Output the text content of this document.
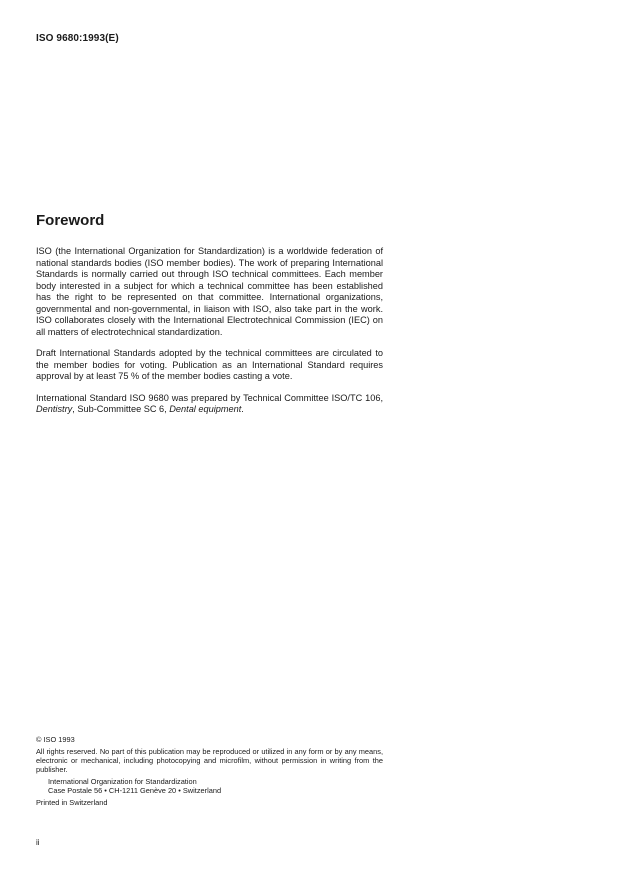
ISO 9680:1993(E)
Foreword

ISO (the International Organization for Standardization) is a worldwide federation of national standards bodies (ISO member bodies). The work of preparing International Standards is normally carried out through ISO technical committees. Each member body interested in a subject for which a technical committee has been established has the right to be represented on that committee. International organizations, governmental and non-governmental, in liaison with ISO, also take part in the work. ISO collaborates closely with the International Electrotechnical Commission (IEC) on all matters of electrotechnical standardization.

Draft International Standards adopted by the technical committees are circulated to the member bodies for voting. Publication as an International Standard requires approval by at least 75 % of the member bodies casting a vote.

International Standard ISO 9680 was prepared by Technical Committee ISO/TC 106, Dentistry, Sub-Committee SC 6, Dental equipment.

© ISO 1993
All rights reserved. No part of this publication may be reproduced or utilized in any form or by any means, electronic or mechanical, including photocopying and microfilm, without permission in writing from the publisher.
International Organization for Standardization
Case Postale 56 • CH-1211 Genève 20 • Switzerland
Printed in Switzerland
ii
